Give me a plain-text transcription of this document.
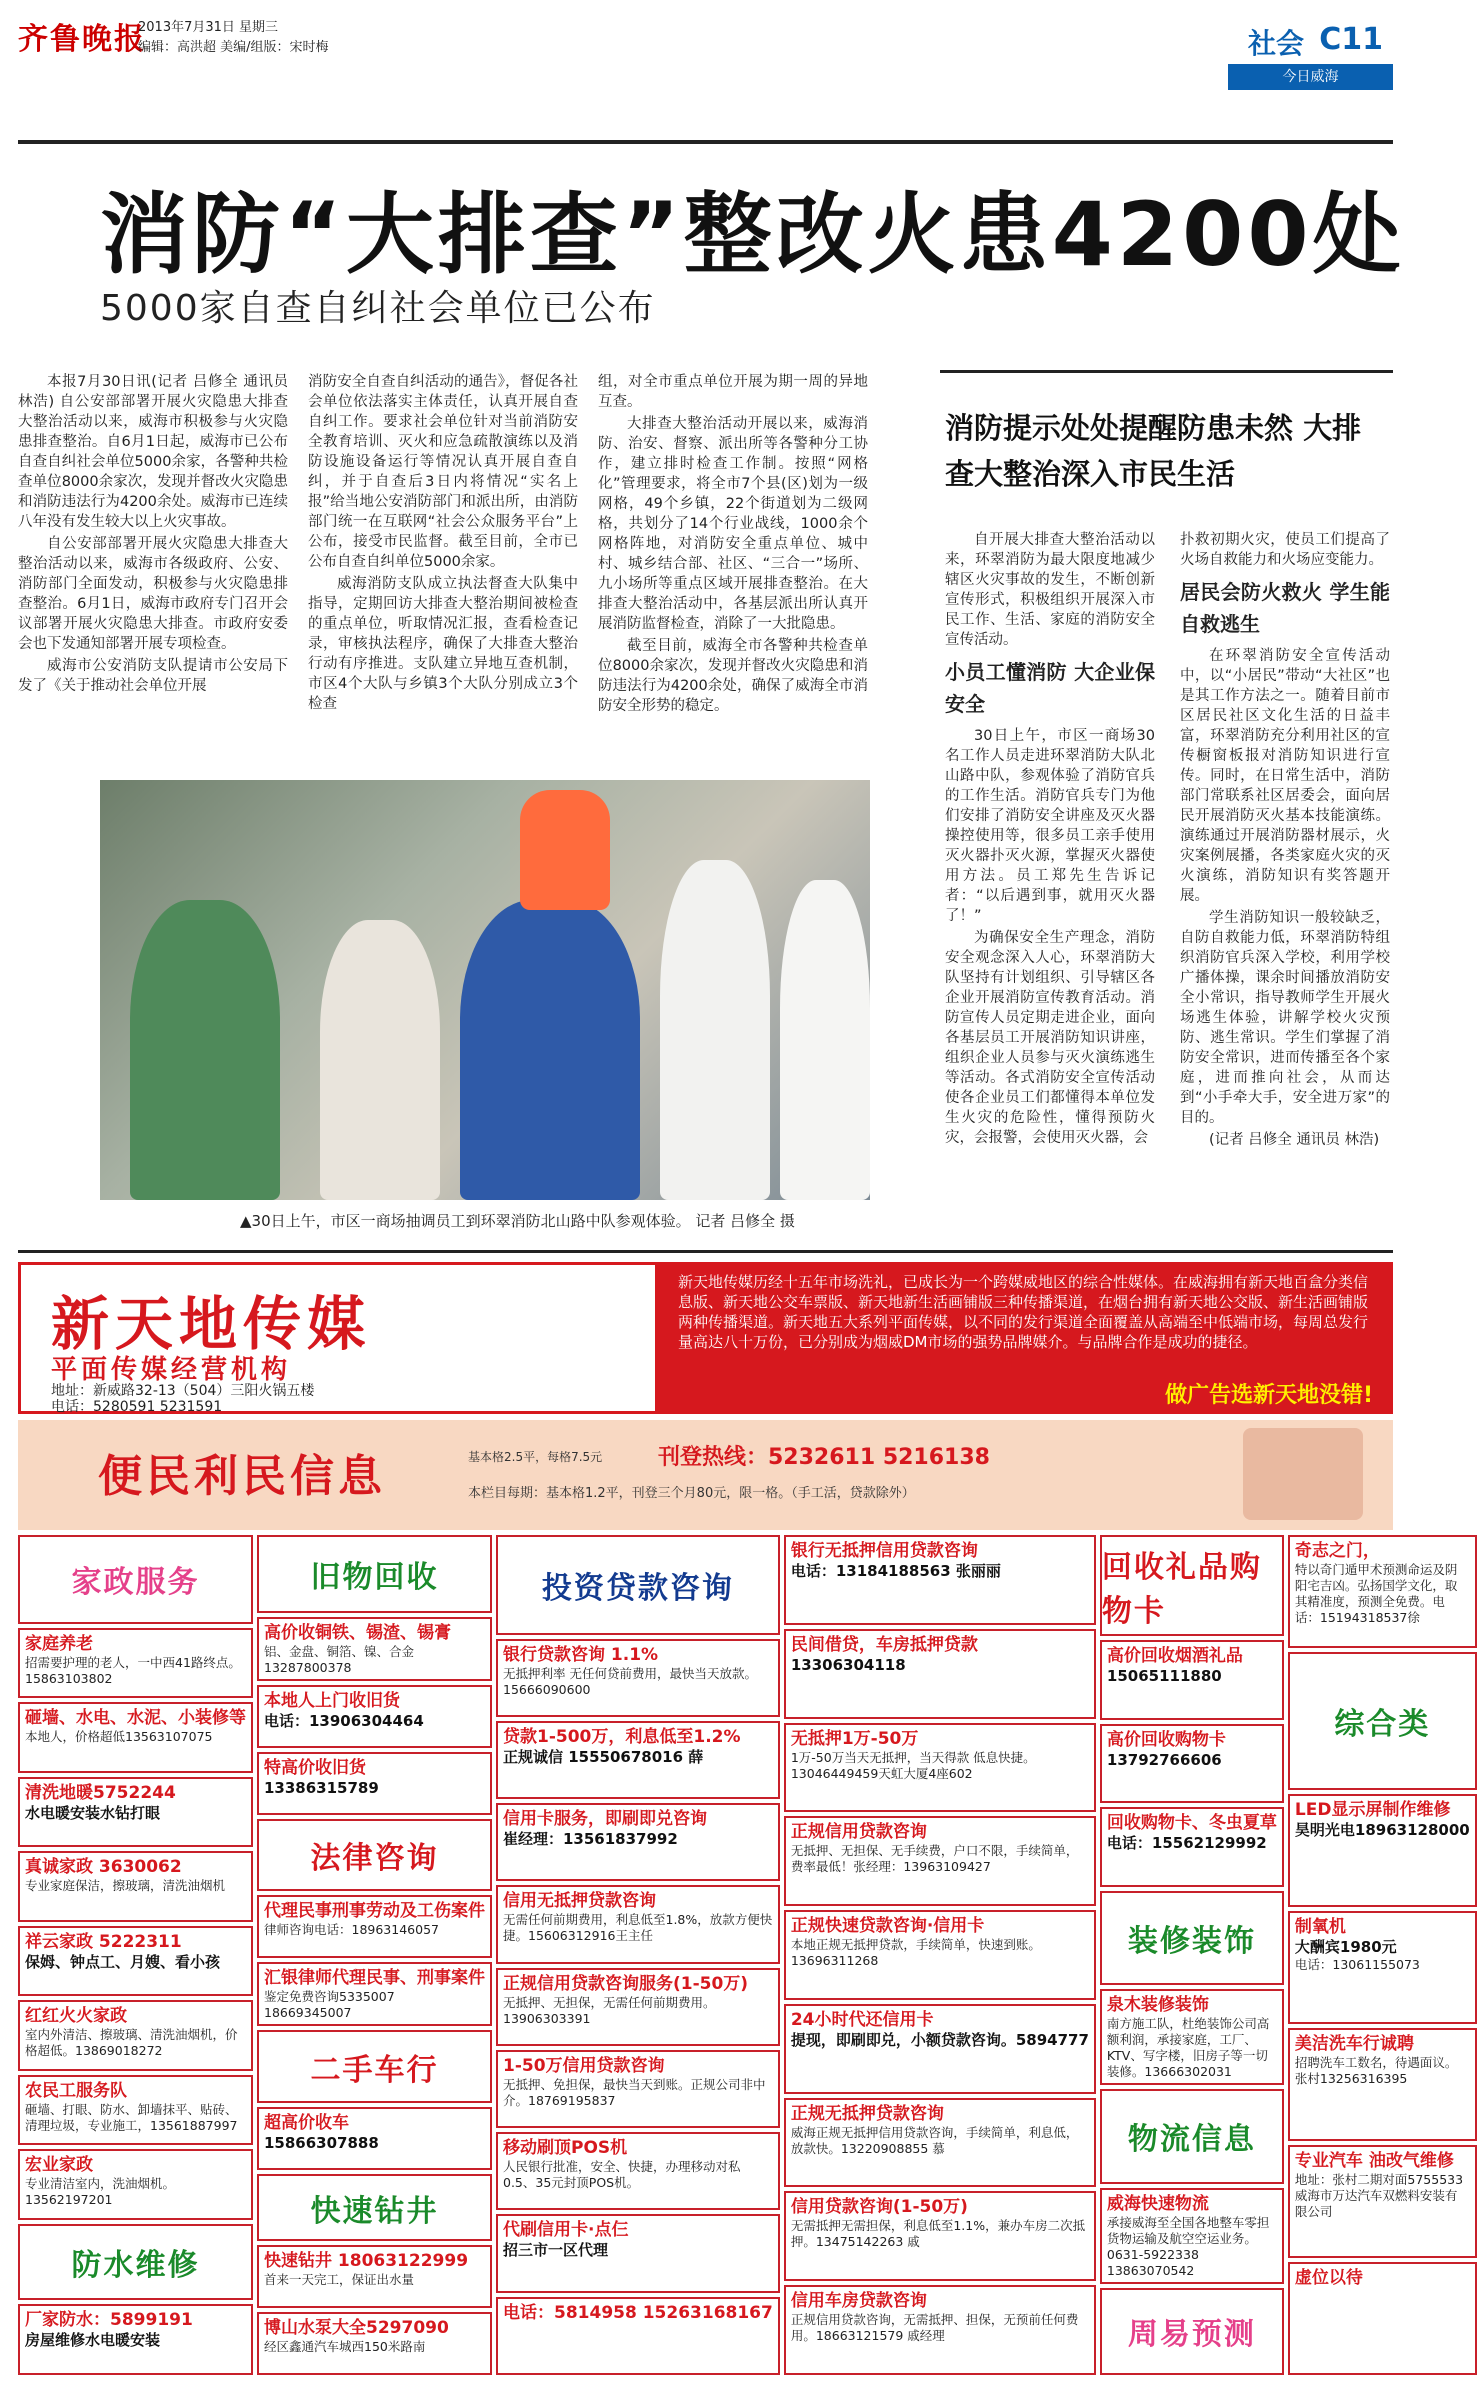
齐鲁晚报
2013年7月31日 星期三
编辑：高洪超 美编/组版：宋时梅	社会 C11
今日威海
消防“大排查”整改火患4200处
5000家自查自纠社会单位已公布

本报7月30日讯(记者 吕修全 通讯员 林浩) 自公安部部署开展火灾隐患大排查大整治活动以来，威海市积极参与火灾隐患排查整治。自6月1日起，威海市已公布自查自纠社会单位5000余家，各警种共检查单位8000余家次，发现并督改火灾隐患和消防违法行为4200余处。威海市已连续八年没有发生较大以上火灾事故。

自公安部部署开展火灾隐患大排查大整治活动以来，威海市各级政府、公安、消防部门全面发动，积极参与火灾隐患排查整治。6月1日，威海市政府专门召开会议部署开展火灾隐患大排查。市政府安委会也下发通知部署开展专项检查。

威海市公安消防支队提请市公安局下发了《关于推动社会单位开展

消防安全自查自纠活动的通告》，督促各社会单位依法落实主体责任，认真开展自查自纠工作。要求社会单位针对当前消防安全教育培训、灭火和应急疏散演练以及消防设施设备运行等情况认真开展自查自纠，并于自查后3日内将情况“实名上报”给当地公安消防部门和派出所，由消防部门统一在互联网“社会公众服务平台”上公布，接受市民监督。截至目前，全市已公布自查自纠单位5000余家。

威海消防支队成立执法督查大队集中指导，定期回访大排查大整治期间被检查的重点单位，听取情况汇报，查看检查记录，审核执法程序，确保了大排查大整治行动有序推进。支队建立异地互查机制，市区4个大队与乡镇3个大队分别成立3个检查

组，对全市重点单位开展为期一周的异地互查。

大排查大整治活动开展以来，威海消防、治安、督察、派出所等各警种分工协作，建立排时检查工作制。按照“网格化”管理要求，将全市7个县(区)划为一级网格，49个乡镇，22个街道划为二级网格，共划分了14个行业战线，1000余个网格阵地，对消防安全重点单位、城中村、城乡结合部、社区、“三合一”场所、九小场所等重点区域开展排查整治。在大排查大整治活动中，各基层派出所认真开展消防监督检查，消除了一大批隐患。

截至目前，威海全市各警种共检查单位8000余家次，发现并督改火灾隐患和消防违法行为4200余处，确保了威海全市消防安全形势的稳定。

▲30日上午，市区一商场抽调员工到环翠消防北山路中队参观体验。 记者 吕修全 摄
消防提示处处提醒防患未然 大排查大整治深入市民生活

自开展大排查大整治活动以来，环翠消防为最大限度地减少辖区火灾事故的发生，不断创新宣传形式，积极组织开展深入市民工作、生活、家庭的消防安全宣传活动。

小员工懂消防 大企业保安全

30日上午，市区一商场30名工作人员走进环翠消防大队北山路中队，参观体验了消防官兵的工作生活。消防官兵专门为他们安排了消防安全讲座及灭火器操控使用等，很多员工亲手使用灭火器扑灭火源，掌握灭火器使用方法。员工郑先生告诉记者：“以后遇到事，就用灭火器了！”

为确保安全生产理念，消防安全观念深入人心，环翠消防大队坚持有计划组织、引导辖区各企业开展消防宣传教育活动。消防宣传人员定期走进企业，面向各基层员工开展消防知识讲座，组织企业人员参与灭火演练逃生等活动。各式消防安全宣传活动使各企业员工们都懂得本单位发生火灾的危险性，懂得预防火灾，会报警，会使用灭火器，会

扑救初期火灾，使员工们提高了火场自救能力和火场应变能力。

居民会防火救火 学生能自救逃生

在环翠消防安全宣传活动中，以“小居民”带动“大社区”也是其工作方法之一。随着目前市区居民社区文化生活的日益丰富，环翠消防充分利用社区的宣传橱窗板报对消防知识进行宣传。同时，在日常生活中，消防部门常联系社区居委会，面向居民开展消防灭火基本技能演练。演练通过开展消防器材展示，火灾案例展播，各类家庭火灾的灭火演练，消防知识有奖答题开展。

学生消防知识一般较缺乏，自防自救能力低，环翠消防特组织消防官兵深入学校，利用学校广播体操，课余时间播放消防安全小常识，指导教师学生开展火场逃生体验，讲解学校火灾预防、逃生常识。学生们掌握了消防安全常识，进而传播至各个家庭，进而推向社会，从而达到“小手牵大手，安全进万家”的目的。

(记者 吕修全 通讯员 林浩)

新天地传媒
平面传媒经营机构
地址：新威路32-13（504）三阳火锅五楼
电话：5280591 5231591
新天地传媒历经十五年市场洗礼，已成长为一个跨媒威地区的综合性媒体。在威海拥有新天地百盒分类信息版、新天地公交车票版、新天地新生活画铺版三种传播渠道，在烟台拥有新天地公交版、新生活画铺版两种传播渠道。新天地五大系列平面传媒，以不同的发行渠道全面覆盖从高端至中低端市场，每周总发行量高达八十万份，已分别成为烟威DM市场的强势品牌媒介。与品牌合作是成功的捷径。
做广告选新天地没错!
便民利民信息	基本格2.5平，每格7.5元	刊登热线：5232611 5216138
本栏目每期：基本格1.2平，刊登三个月80元，限一格。（手工活，贷款除外）
家政服务
家庭养老
招需要护理的老人，一中西41路终点。15863103802
砸墙、水电、水泥、小装修等
本地人，价格超低13563107075
清洗地暖5752244
水电暖安装水钻打眼
真诚家政 3630062
专业家庭保洁，擦玻璃，清洗油烟机
祥云家政 5222311
保姆、钟点工、月嫂、看小孩
红红火火家政
室内外清洁、擦玻璃、清洗油烟机，价格超低。13869018272
农民工服务队
砸墙、打眼、防水、卸墙抹平、贴砖、清理垃圾，专业施工，13561887997
宏业家政
专业清洁室内，洗油烟机。13562197201
防水维修
厂家防水：5899191
房屋维修水电暖安装
旧物回收
高价收铜铁、锡渣、锡膏
铝、金盘、铜箔、镍、合金13287800378
本地人上门收旧货
电话：13906304464
特高价收旧货
13386315789
法律咨询
代理民事刑事劳动及工伤案件
律师咨询电话：18963146057
汇银律师代理民事、刑事案件
鉴定免费咨询5335007 18669345007
二手车行
超高价收车
15866307888
快速钻井
快速钻井 18063122999
首来一天完工，保证出水量
博山水泵大全5297090
经区鑫通汽车城西150米路南
投资贷款咨询
银行贷款咨询 1.1%
无抵押利率 无任何贷前费用，最快当天放款。15666090600
贷款1-500万，利息低至1.2%
正规诚信 15550678016 薛
信用卡服务，即刷即兑咨询
崔经理：13561837992
信用无抵押贷款咨询
无需任何前期费用，利息低至1.8%，放款方便快捷。15606312916王主任
正规信用贷款咨询服务(1-50万)
无抵押、无担保，无需任何前期费用。13906303391
1-50万信用贷款咨询
无抵押、免担保，最快当天到账。正规公司非中介。18769195837
移动刷顶POS机
人民银行批准，安全、快捷，办理移动对私0.5、35元封顶POS机。
代刷信用卡·点仨
招三市一区代理
电话：5814958 15263168167
银行无抵押信用贷款咨询
电话：13184188563 张丽丽
民间借贷，车房抵押贷款
13306304118
无抵押1万-50万
1万-50万当天无抵押，当天得款 低息快捷。13046449459天虹大厦4座602
正规信用贷款咨询
无抵押、无担保、无手续费，户口不限，手续简单，费率最低！张经理：13963109427
正规快速贷款咨询·信用卡
本地正规无抵押贷款，手续简单，快速到账。13696311268
24小时代还信用卡
提现，即刷即兑，小额贷款咨询。5894777
正规无抵押贷款咨询
威海正规无抵押信用贷款咨询，手续简单，利息低，放款快。13220908855 慕
信用贷款咨询(1-50万)
无需抵押无需担保，利息低至1.1%，兼办车房二次抵押。13475142263 戚
信用车房贷款咨询
正规信用贷款咨询，无需抵押、担保，无预前任何费用。18663121579 戚经理
回收礼品购物卡
高价回收烟酒礼品
15065111880
高价回收购物卡
13792766606
回收购物卡、冬虫夏草
电话：15562129992
装修装饰
泉木装修装饰
南方施工队，杜绝装饰公司高额利润，承接家庭，工厂、KTV、写字楼，旧房子等一切装修。13666302031
物流信息
威海快速物流
承接威海至全国各地整车零担货物运输及航空空运业务。0631-5922338 13863070542
周易预测
奇志之门，
特以奇门遁甲术预测命运及阴阳宅吉凶。弘扬国学文化，取其精准度，预测全免费。电话：15194318537徐
综合类
LED显示屏制作维修
昊明光电18963128000
制氧机
大酬宾1980元
电话：13061155073
美洁洗车行诚聘
招聘洗车工数名，待遇面议。张村13256316395
专业汽车 油改气维修
地址：张村二期对面5755533 威海市万达汽车双燃料安装有限公司
虚位以待
